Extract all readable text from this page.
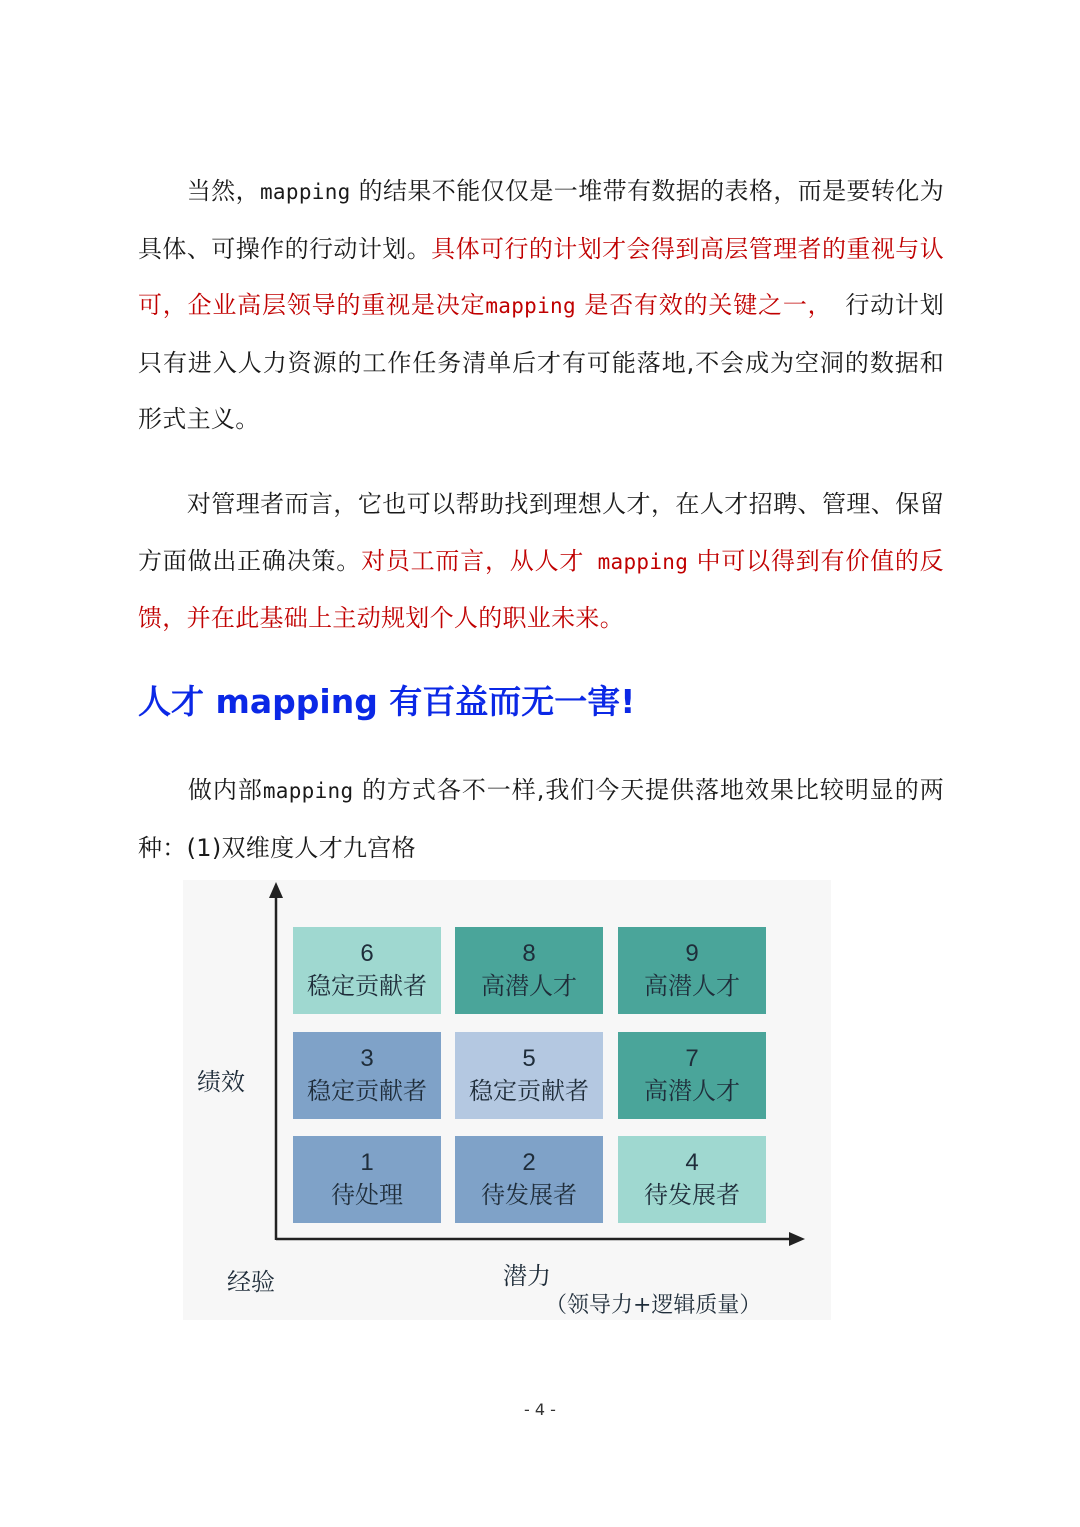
　　当然，mapping 的结果不能仅仅是一堆带有数据的表格，而是要转化为具体、可操作的行动计划。具体可行的计划才会得到高层管理者的重视与认可，企业高层领导的重视是决定mapping 是否有效的关键之一，　行动计划只有进入人力资源的工作任务清单后才有可能落地,不会成为空洞的数据和形式主义。

　　对管理者而言，它也可以帮助找到理想人才，在人才招聘、管理、保留方面做出正确决策。对员工而言，从人才 mapping 中可以得到有价值的反馈，并在此基础上主动规划个人的职业未来。

人才 mapping 有百益而无一害!

　　做内部mapping 的方式各不一样,我们今天提供落地效果比较明显的两种：(1)双维度人才九宫格

6
稳定贡献者
8
高潜人才
9
高潜人才
3
稳定贡献者
5
稳定贡献者
7
高潜人才
1
待处理
2
待发展者
4
待发展者
绩效
经验	潜力
（领导力+逻辑质量）
- 4 -
